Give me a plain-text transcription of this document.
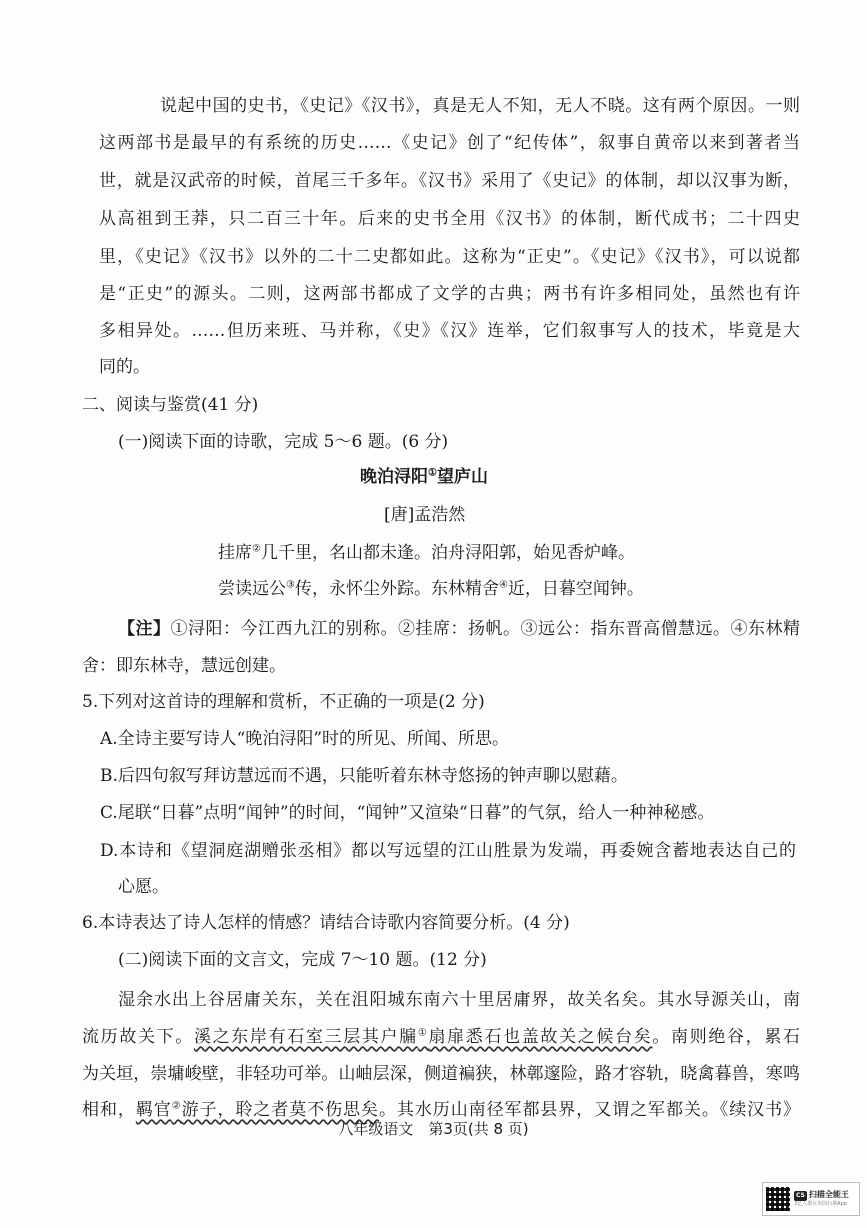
说起中国的史书，《史记》《汉书》，真是无人不知，无人不晓。这有两个原因。一则
这两部书是最早的有系统的历史……《史记》创了“纪传体”，叙事自黄帝以来到著者当
世，就是汉武帝的时候，首尾三千多年。《汉书》采用了《史记》的体制，却以汉事为断，
从高祖到王莽，只二百三十年。后来的史书全用《汉书》的体制，断代成书；二十四史
里，《史记》《汉书》以外的二十二史都如此。这称为“正史”。《史记》《汉书》，可以说都
是“正史”的源头。二则，这两部书都成了文学的古典；两书有许多相同处，虽然也有许
多相异处。……但历来班、马并称，《史》《汉》连举，它们叙事写人的技术，毕竟是大
同的。
二、阅读与鉴赏(41 分)
(一)阅读下面的诗歌，完成 5～6 题。(6 分)
晚泊浔阳①望庐山
[唐]孟浩然
挂席②几千里，名山都未逢。泊舟浔阳郭，始见香炉峰。
尝读远公③传，永怀尘外踪。东林精舍④近，日暮空闻钟。
【注】①浔阳：今江西九江的别称。②挂席：扬帆。③远公：指东晋高僧慧远。④东林精
舍：即东林寺，慧远创建。
5.下列对这首诗的理解和赏析，不正确的一项是(2 分)
A.全诗主要写诗人“晚泊浔阳”时的所见、所闻、所思。
B.后四句叙写拜访慧远而不遇，只能听着东林寺悠扬的钟声聊以慰藉。
C.尾联“日暮”点明“闻钟”的时间，“闻钟”又渲染“日暮”的气氛，给人一种神秘感。
D.本诗和《望洞庭湖赠张丞相》都以写远望的江山胜景为发端，再委婉含蓄地表达自己的
心愿。
6.本诗表达了诗人怎样的情感？请结合诗歌内容简要分析。(4 分)
(二)阅读下面的文言文，完成 7～10 题。(12 分)
湿余水出上谷居庸关东，关在沮阳城东南六十里居庸界，故关名矣。其水导源关山，南
流历故关下。溪之东岸有石室三层其户牖①扇扉悉石也盖故关之候台矣。南则绝谷，累石
为关垣，崇墉峻壁，非轻功可举。山岫层深，侧道褊狭，林鄣邃险，路才容轨，晓禽暮兽，寒鸣
相和，羁官②游子，聆之者莫不伤思矣。其水历山南径军都县界，又谓之军都关。《续汉书》
八年级语文　第3页(共 8 页)
CS 扫描全能王
3亿人都在用的扫描App
